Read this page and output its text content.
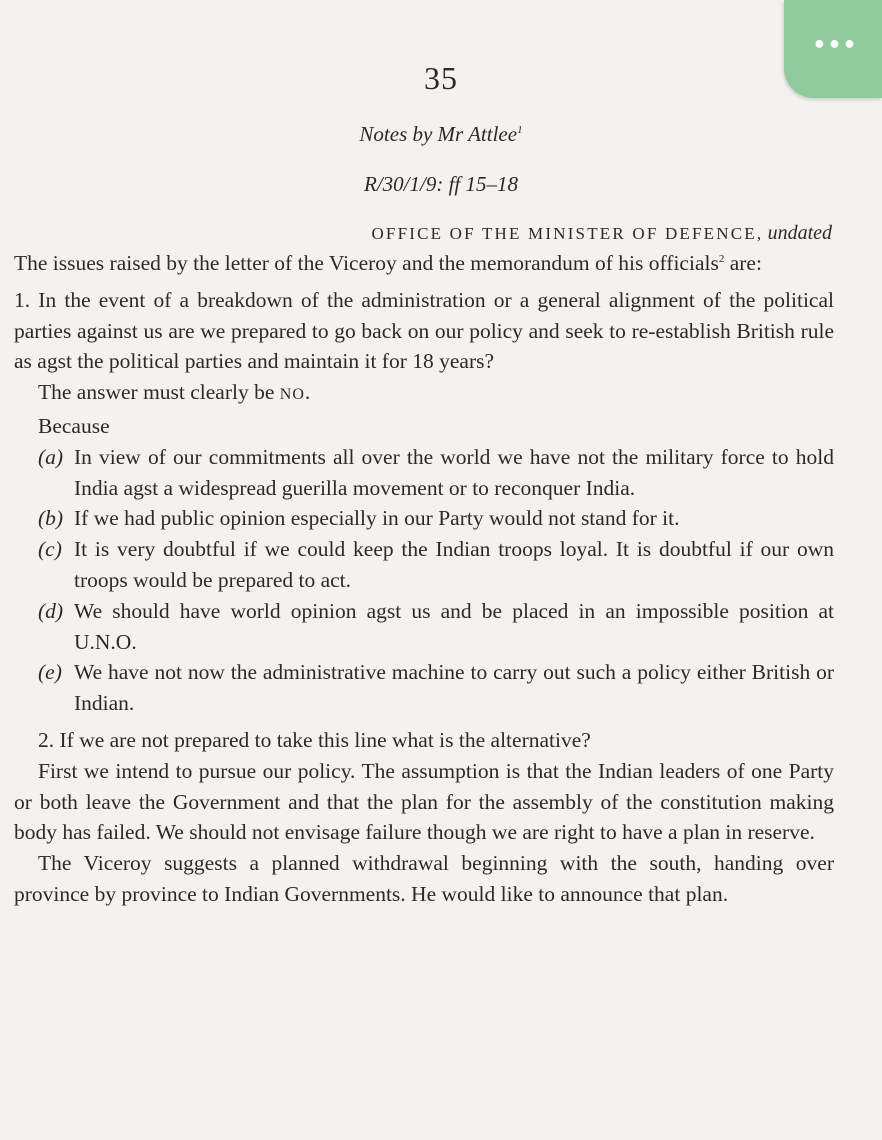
•••
35
Notes by Mr Attlee$^1$
R/30/1/9: ff 15–18
OFFICE OF THE MINISTER OF DEFENCE, undated

The issues raised by the letter of the Viceroy and the memorandum of his officials$^2$ are:

1. In the event of a breakdown of the administration or a general alignment of the political parties against us are we prepared to go back on our policy and seek to re-establish British rule as agst the political parties and maintain it for 18 years?

The answer must clearly be NO.

Because

(a) In view of our commitments all over the world we have not the military force to hold India agst a widespread guerilla movement or to reconquer India.
(b) If we had public opinion especially in our Party would not stand for it.
(c) It is very doubtful if we could keep the Indian troops loyal. It is doubtful if our own troops would be prepared to act.
(d) We should have world opinion agst us and be placed in an impossible position at U.N.O.
(e) We have not now the administrative machine to carry out such a policy either British or Indian.

2. If we are not prepared to take this line what is the alternative?

First we intend to pursue our policy. The assumption is that the Indian leaders of one Party or both leave the Government and that the plan for the assembly of the constitution making body has failed. We should not envisage failure though we are right to have a plan in reserve.

The Viceroy suggests a planned withdrawal beginning with the south, handing over province by province to Indian Governments. He would like to announce that plan.
